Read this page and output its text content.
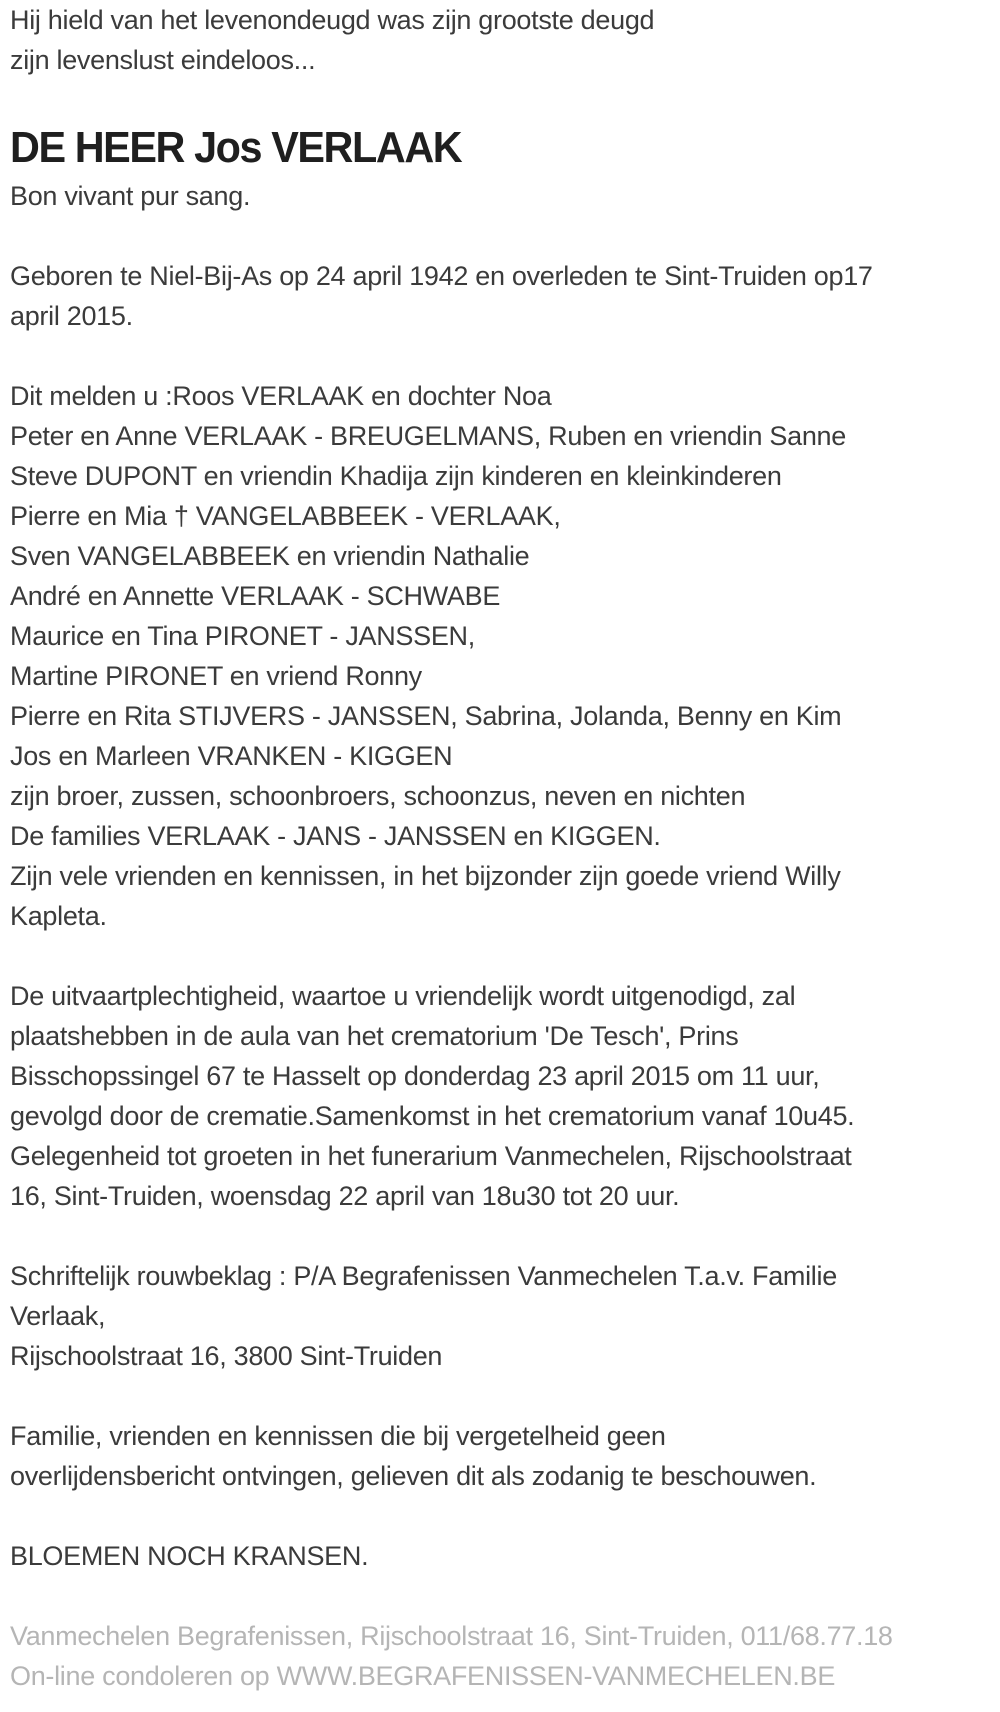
Hij hield van het levenondeugd was zijn grootste deugd
zijn levenslust eindeloos...
DE HEER Jos VERLAAK
Bon vivant pur sang.
Geboren te Niel-Bij-As op 24 april 1942 en overleden te Sint-Truiden op17
april 2015.
Dit melden u :Roos VERLAAK en dochter Noa
Peter en Anne VERLAAK - BREUGELMANS, Ruben en vriendin Sanne
Steve DUPONT en vriendin Khadija zijn kinderen en kleinkinderen
Pierre en Mia † VANGELABBEEK - VERLAAK,
Sven VANGELABBEEK en vriendin Nathalie
André en Annette VERLAAK - SCHWABE
Maurice en Tina PIRONET - JANSSEN,
Martine PIRONET en vriend Ronny
Pierre en Rita STIJVERS - JANSSEN, Sabrina, Jolanda, Benny en Kim
Jos en Marleen VRANKEN - KIGGEN
zijn broer, zussen, schoonbroers, schoonzus, neven en nichten
De families VERLAAK - JANS - JANSSEN en KIGGEN.
Zijn vele vrienden en kennissen, in het bijzonder zijn goede vriend Willy
Kapleta.
De uitvaartplechtigheid, waartoe u vriendelijk wordt uitgenodigd, zal
plaatshebben in de aula van het crematorium 'De Tesch', Prins
Bisschopssingel 67 te Hasselt op donderdag 23 april 2015 om 11 uur,
gevolgd door de crematie.Samenkomst in het crematorium vanaf 10u45.
Gelegenheid tot groeten in het funerarium Vanmechelen, Rijschoolstraat
16, Sint-Truiden, woensdag 22 april van 18u30 tot 20 uur.
Schriftelijk rouwbeklag : P/A Begrafenissen Vanmechelen T.a.v. Familie
Verlaak,
Rijschoolstraat 16, 3800 Sint-Truiden
Familie, vrienden en kennissen die bij vergetelheid geen
overlijdensbericht ontvingen, gelieven dit als zodanig te beschouwen.
BLOEMEN NOCH KRANSEN.
Vanmechelen Begrafenissen, Rijschoolstraat 16, Sint-Truiden, 011/68.77.18
On-line condoleren op WWW.BEGRAFENISSEN-VANMECHELEN.BE
